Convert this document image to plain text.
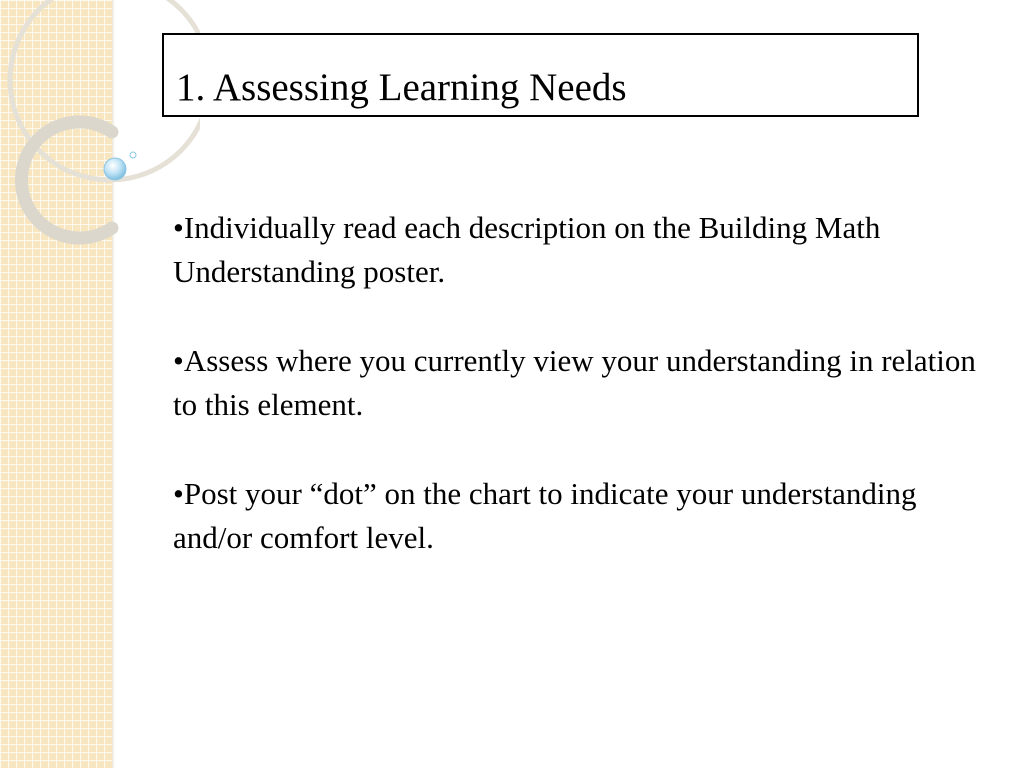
1. Assessing Learning Needs
•Individually read each description on the Building Math Understanding poster.
•Assess where you currently view your understanding in relation to this element.
•Post your “dot” on the chart to indicate your understanding and/or comfort level.
